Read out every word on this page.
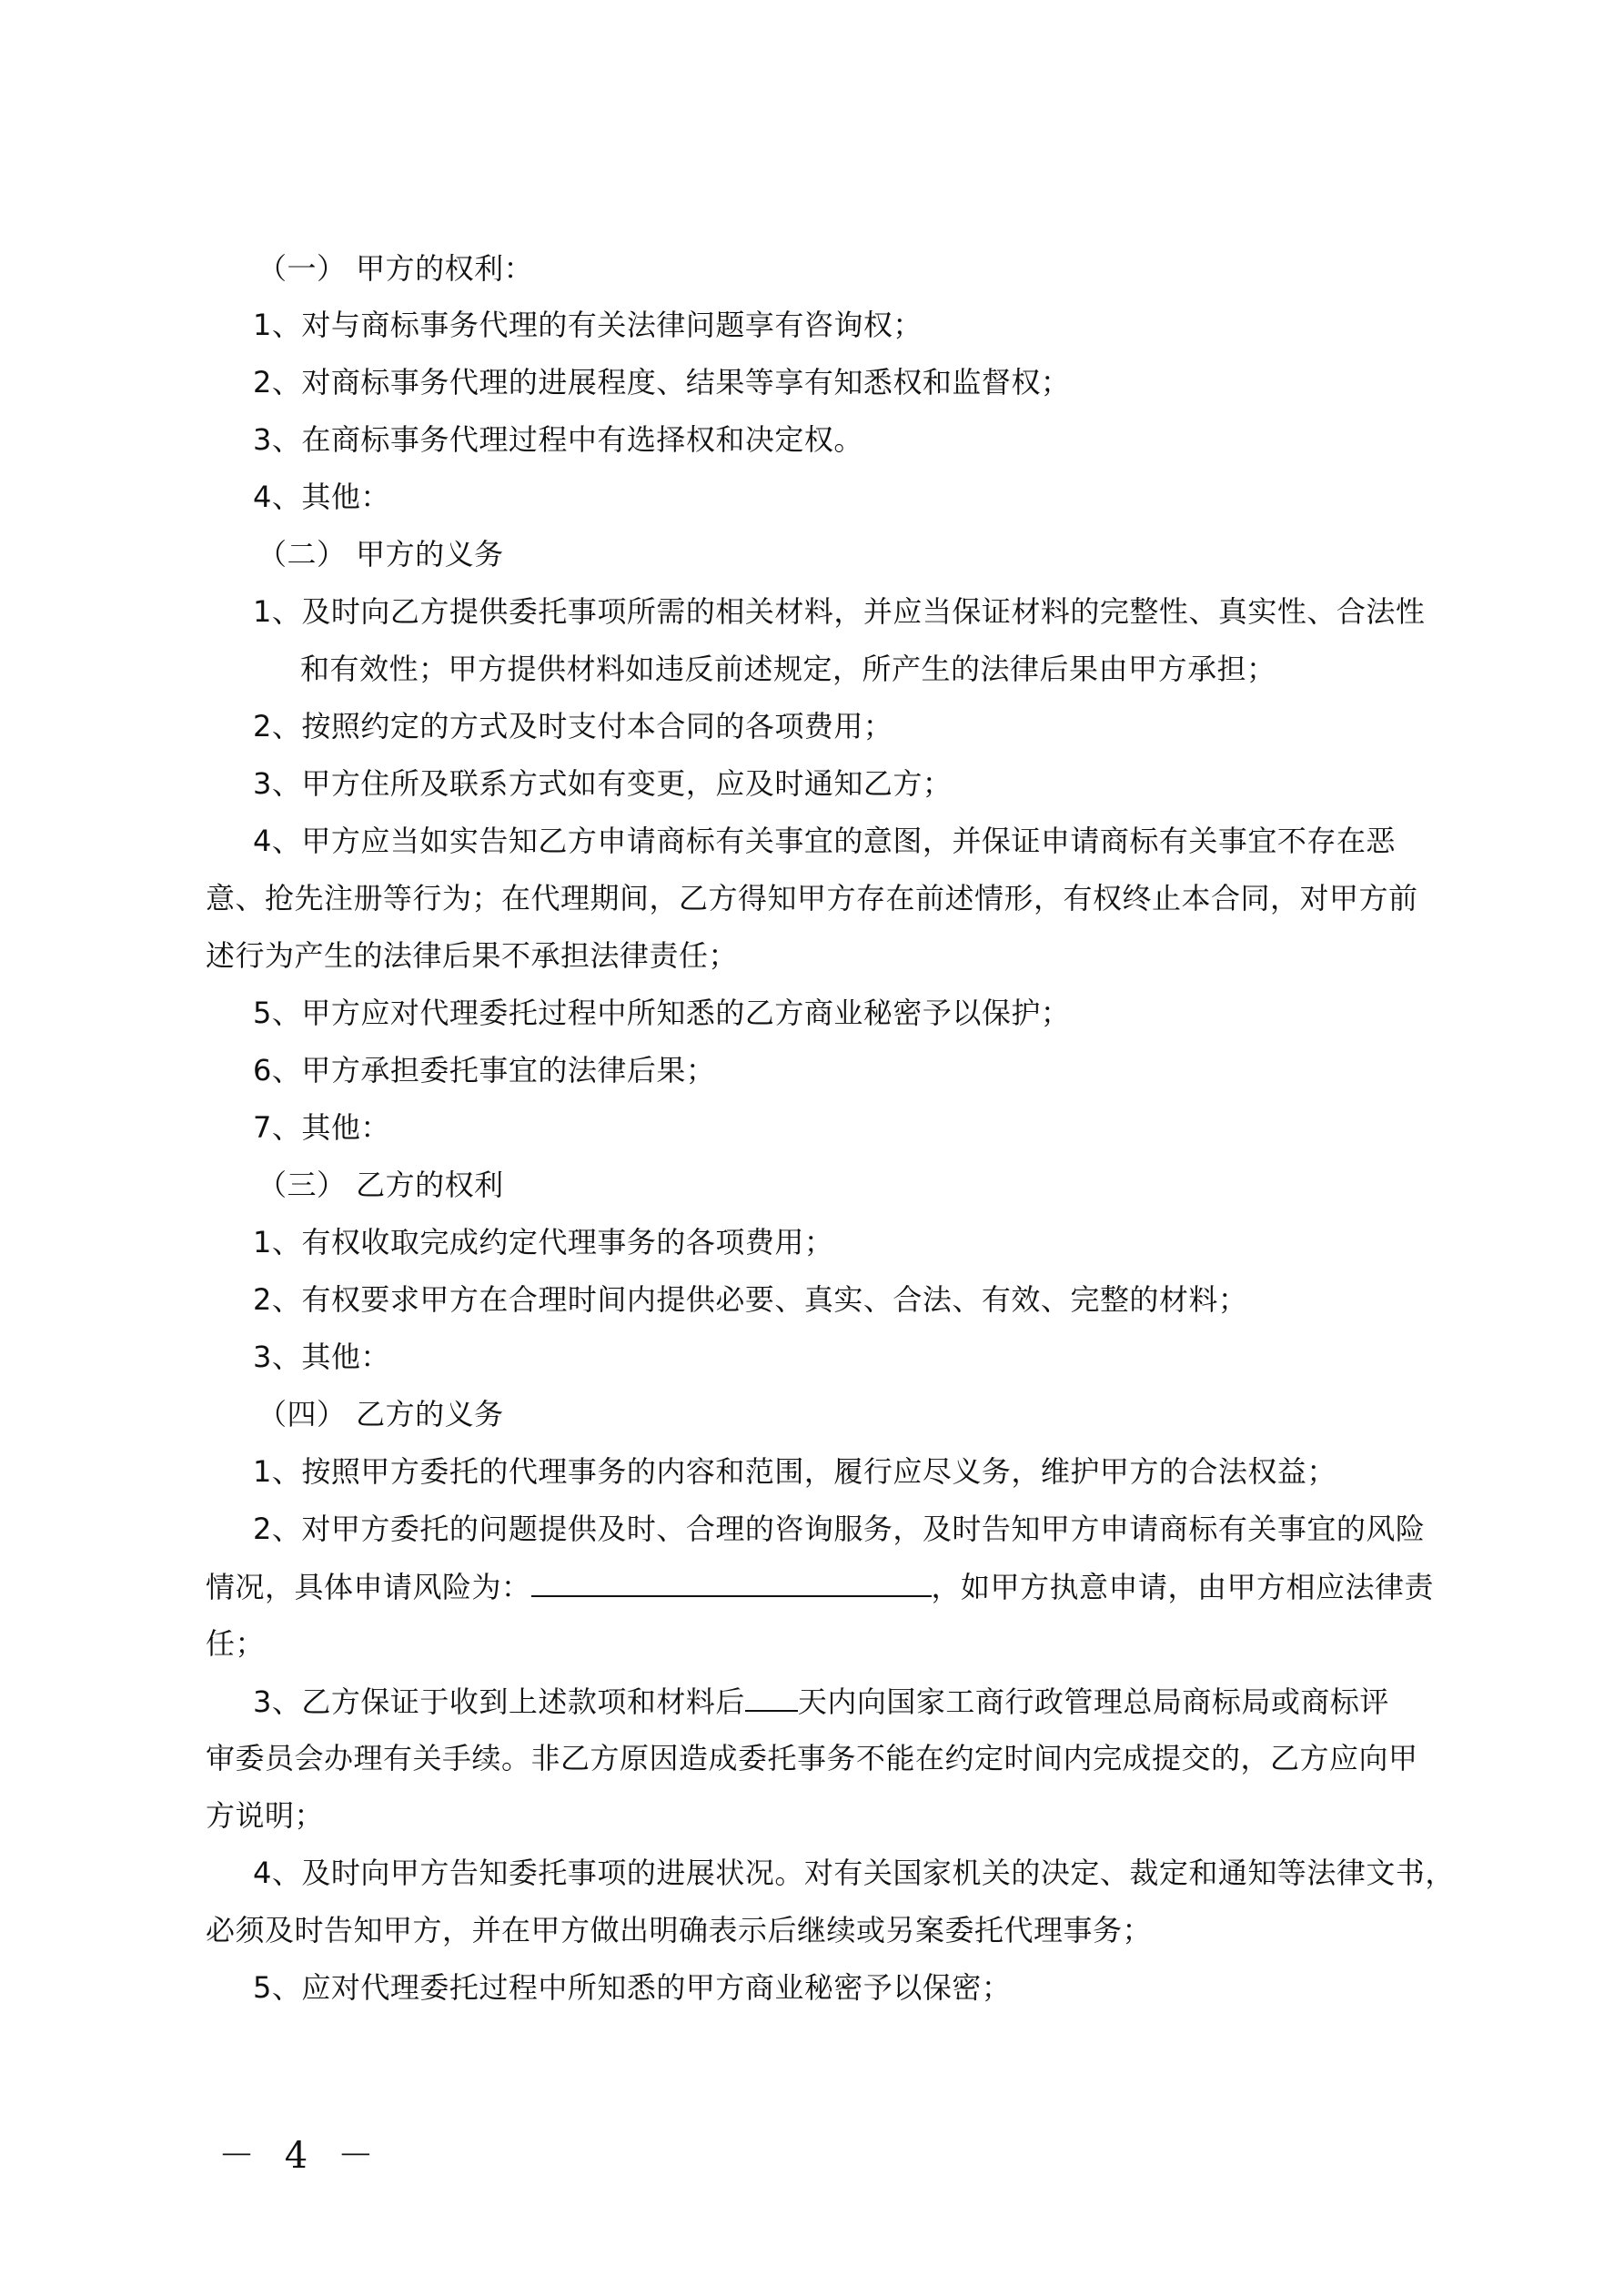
（一） 甲方的权利：
1、对与商标事务代理的有关法律问题享有咨询权；
2、对商标事务代理的进展程度、结果等享有知悉权和监督权；
3、在商标事务代理过程中有选择权和决定权。
4、其他：
（二） 甲方的义务
1、及时向乙方提供委托事项所需的相关材料，并应当保证材料的完整性、真实性、合法性
和有效性；甲方提供材料如违反前述规定，所产生的法律后果由甲方承担；
2、按照约定的方式及时支付本合同的各项费用；
3、甲方住所及联系方式如有变更，应及时通知乙方；
4、甲方应当如实告知乙方申请商标有关事宜的意图，并保证申请商标有关事宜不存在恶
意、抢先注册等行为；在代理期间，乙方得知甲方存在前述情形，有权终止本合同，对甲方前
述行为产生的法律后果不承担法律责任；
5、甲方应对代理委托过程中所知悉的乙方商业秘密予以保护；
6、甲方承担委托事宜的法律后果；
7、其他：
（三） 乙方的权利
1、有权收取完成约定代理事务的各项费用；
2、有权要求甲方在合理时间内提供必要、真实、合法、有效、完整的材料；
3、其他：
（四） 乙方的义务
1、按照甲方委托的代理事务的内容和范围，履行应尽义务，维护甲方的合法权益；
2、对甲方委托的问题提供及时、合理的咨询服务，及时告知甲方申请商标有关事宜的风险
情况，具体申请风险为：	，如甲方执意申请，由甲方相应法律责
任；
3、乙方保证于收到上述款项和材料后 天内向国家工商行政管理总局商标局或商标评
审委员会办理有关手续。非乙方原因造成委托事务不能在约定时间内完成提交的，乙方应向甲
方说明；
4、及时向甲方告知委托事项的进展状况。对有关国家机关的决定、裁定和通知等法律文书，
必须及时告知甲方，并在甲方做出明确表示后继续或另案委托代理事务；
5、应对代理委托过程中所知悉的甲方商业秘密予以保密；
－ 4 －
